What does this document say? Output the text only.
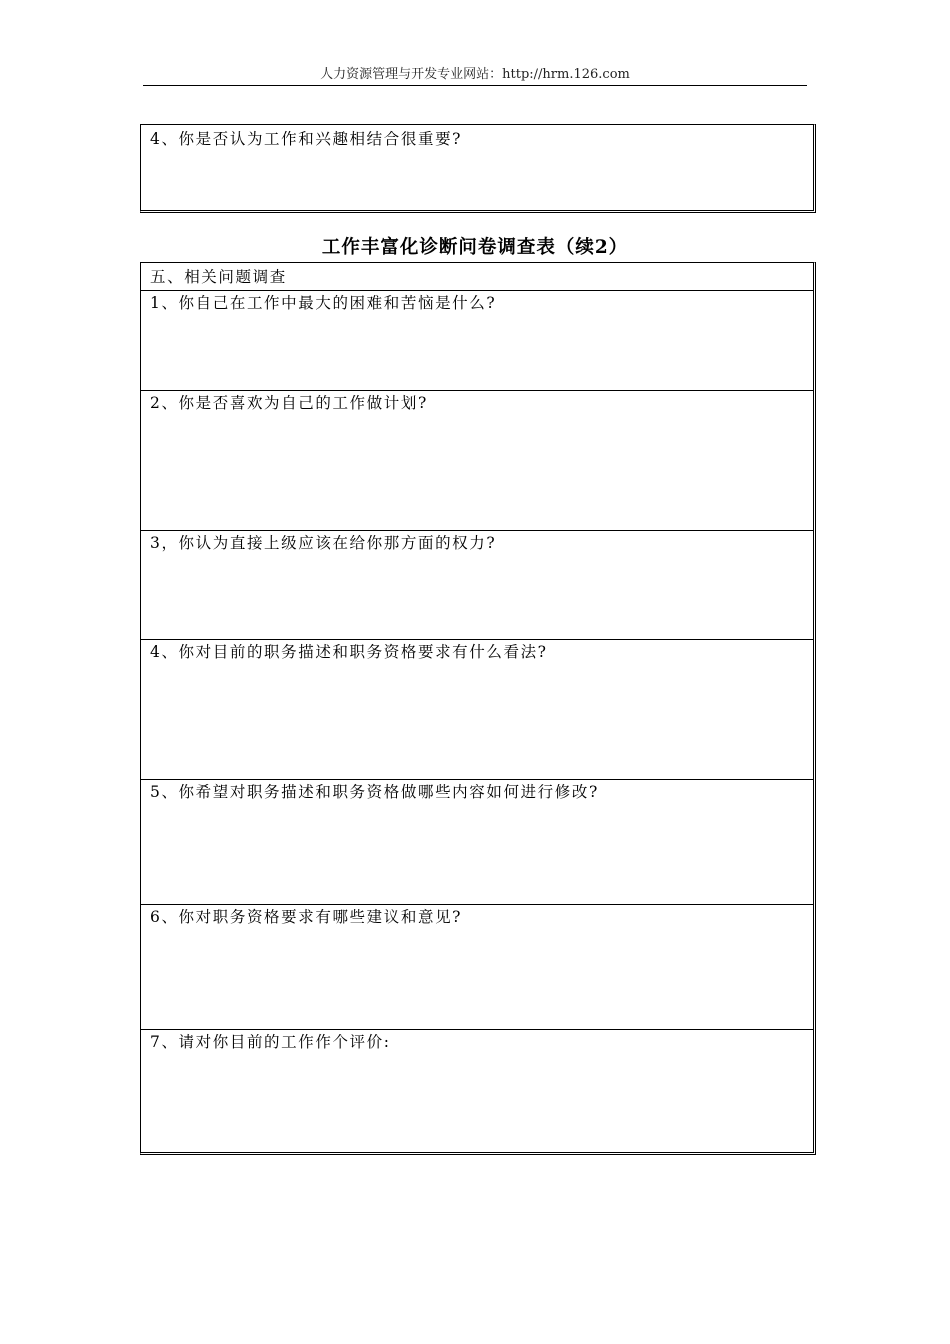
人力资源管理与开发专业网站：http://hrm.126.com
4、你是否认为工作和兴趣相结合很重要?
工作丰富化诊断问卷调查表（续2）
五、相关问题调查
1、你自己在工作中最大的困难和苦恼是什么?
2、你是否喜欢为自己的工作做计划?
3，你认为直接上级应该在给你那方面的权力?
4、你对目前的职务描述和职务资格要求有什么看法?
5、你希望对职务描述和职务资格做哪些内容如何进行修改?
6、你对职务资格要求有哪些建议和意见?
7、请对你目前的工作作个评价:
